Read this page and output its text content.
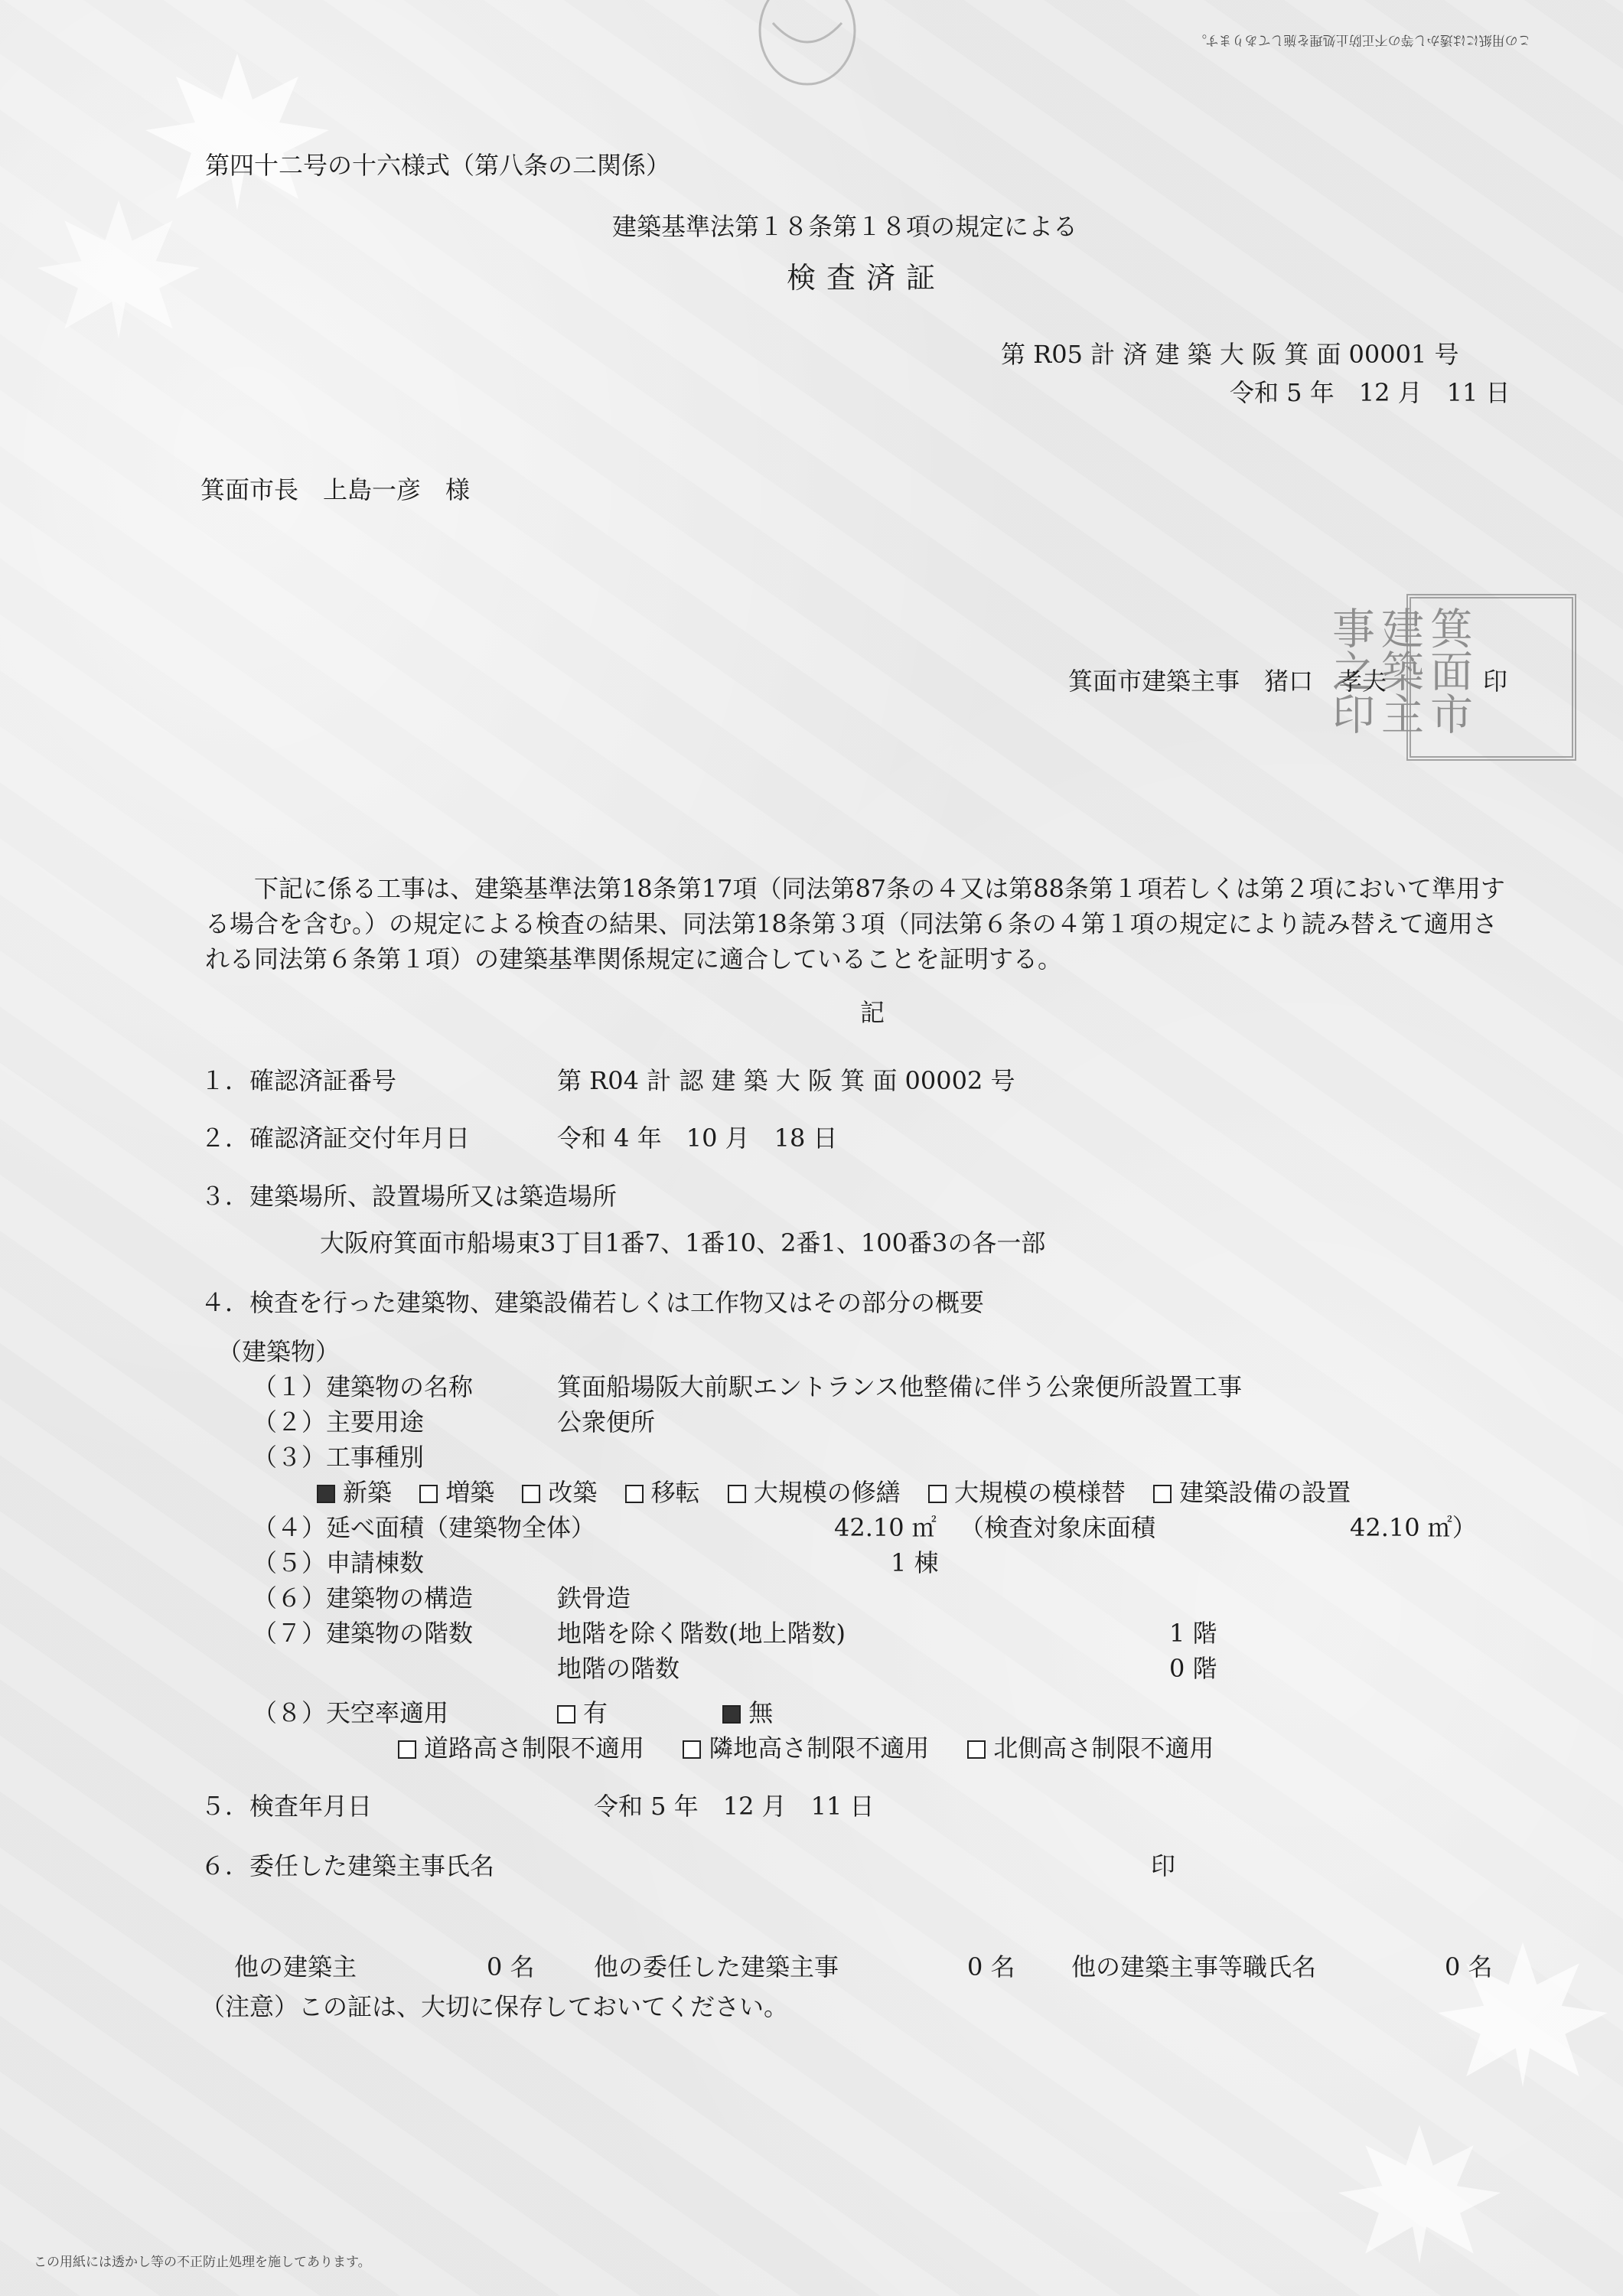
この用紙には透かし等の不正防止処理を施してあります。
第四十二号の十六様式（第八条の二関係）
建築基準法第１８条第１８項の規定による
検査済証
第 R05 計 済 建 築 大 阪 箕 面 00001 号
令和 5 年　12 月　11 日
箕面市長　上島一彦　様
箕面市建築主事之印
箕面市建築主事　猪口　孝夫	印
下記に係る工事は、建築基準法第18条第17項（同法第87条の４又は第88条第１項若しくは第２項において準用する場合を含む。）の規定による検査の結果、同法第18条第３項（同法第６条の４第１項の規定により読み替えて適用される同法第６条第１項）の建築基準関係規定に適合していることを証明する。
記
１．確認済証番号	第 R04 計 認 建 築 大 阪 箕 面 00002 号
２．確認済証交付年月日	令和 4 年　10 月　18 日
３．建築場所、設置場所又は築造場所
大阪府箕面市船場東3丁目1番7、1番10、2番1、100番3の各一部
４．検査を行った建築物、建築設備若しくは工作物又はその部分の概要
（建築物）
（１）建築物の名称	箕面船場阪大前駅エントランス他整備に伴う公衆便所設置工事
（２）主要用途	公衆便所
（３）工事種別
新築 増築 改築 移転 大規模の修繕 大規模の模様替 建築設備の設置
（４）延べ面積（建築物全体）	42.10 ㎡ （検査対象床面積	42.10 ㎡）
（５）申請棟数	1 棟
（６）建築物の構造	鉄骨造
（７）建築物の階数	地階を除く階数(地上階数)	1 階
地階の階数	0 階
（８）天空率適用	有	無
道路高さ制限不適用	隣地高さ制限不適用	北側高さ制限不適用
５．検査年月日	令和 5 年　12 月　11 日
６．委任した建築主事氏名	印
他の建築主	0 名 他の委任した建築主事	0 名 他の建築主事等職氏名	0 名
（注意）この証は、大切に保存しておいてください。
この用紙には透かし等の不正防止処理を施してあります。
